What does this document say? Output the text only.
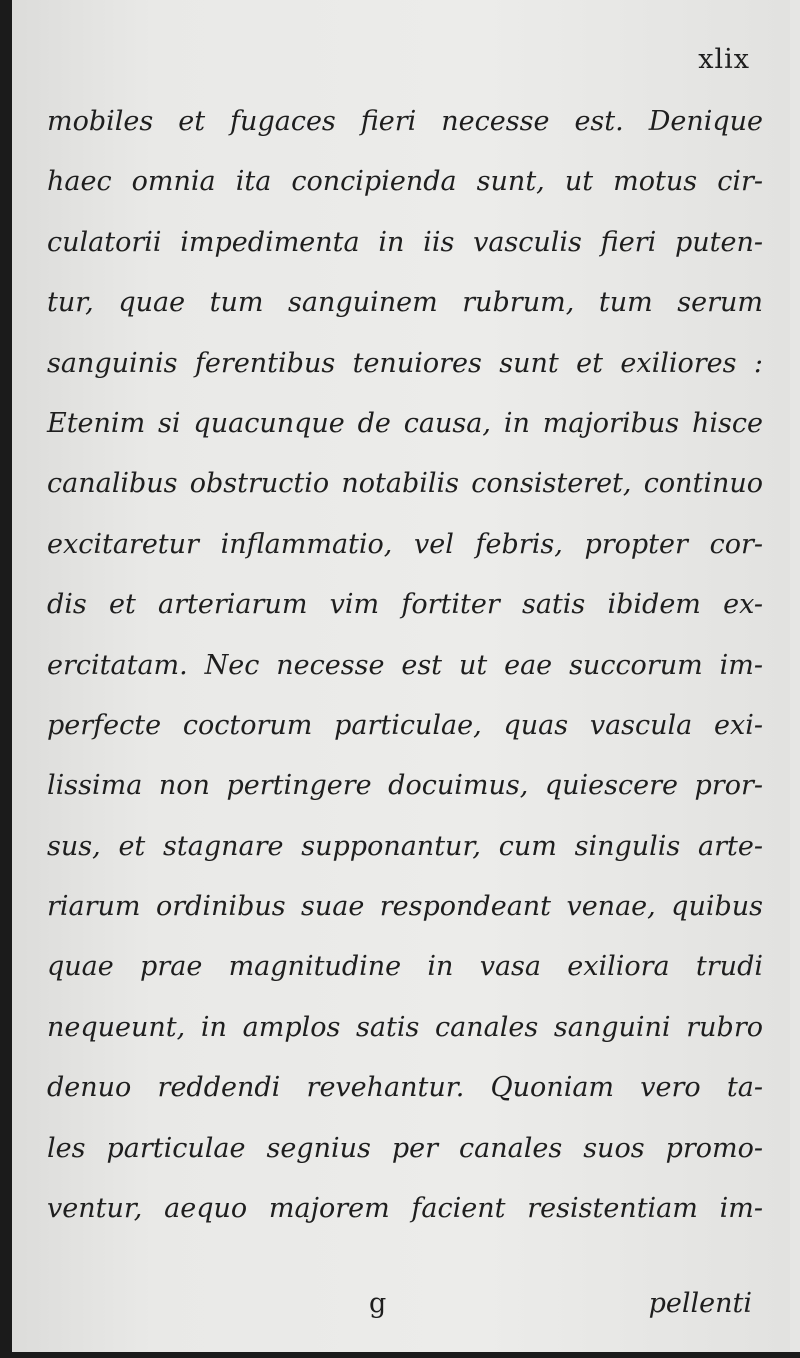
xlix
mobiles et fugaces fieri necesse est. Denique
haec omnia ita concipienda sunt, ut motus cir-
culatorii impedimenta in iis vasculis fieri puten-
tur, quae tum sanguinem rubrum, tum serum
sanguinis ferentibus tenuiores sunt et exiliores :
Etenim si quacunque de causa, in majoribus hisce
canalibus obstructio notabilis consisteret, continuo
excitaretur inflammatio, vel febris, propter cor-
dis et arteriarum vim fortiter satis ibidem ex-
ercitatam. Nec necesse est ut eae succorum im-
perfecte coctorum particulae, quas vascula exi-
lissima non pertingere docuimus, quiescere pror-
sus, et stagnare supponantur, cum singulis arte-
riarum ordinibus suae respondeant venae, quibus
quae prae magnitudine in vasa exiliora trudi
nequeunt, in amplos satis canales sanguini rubro
denuo reddendi revehantur. Quoniam vero ta-
les particulae segnius per canales suos promo-
ventur, aequo majorem facient resistentiam im-
g	pellenti
